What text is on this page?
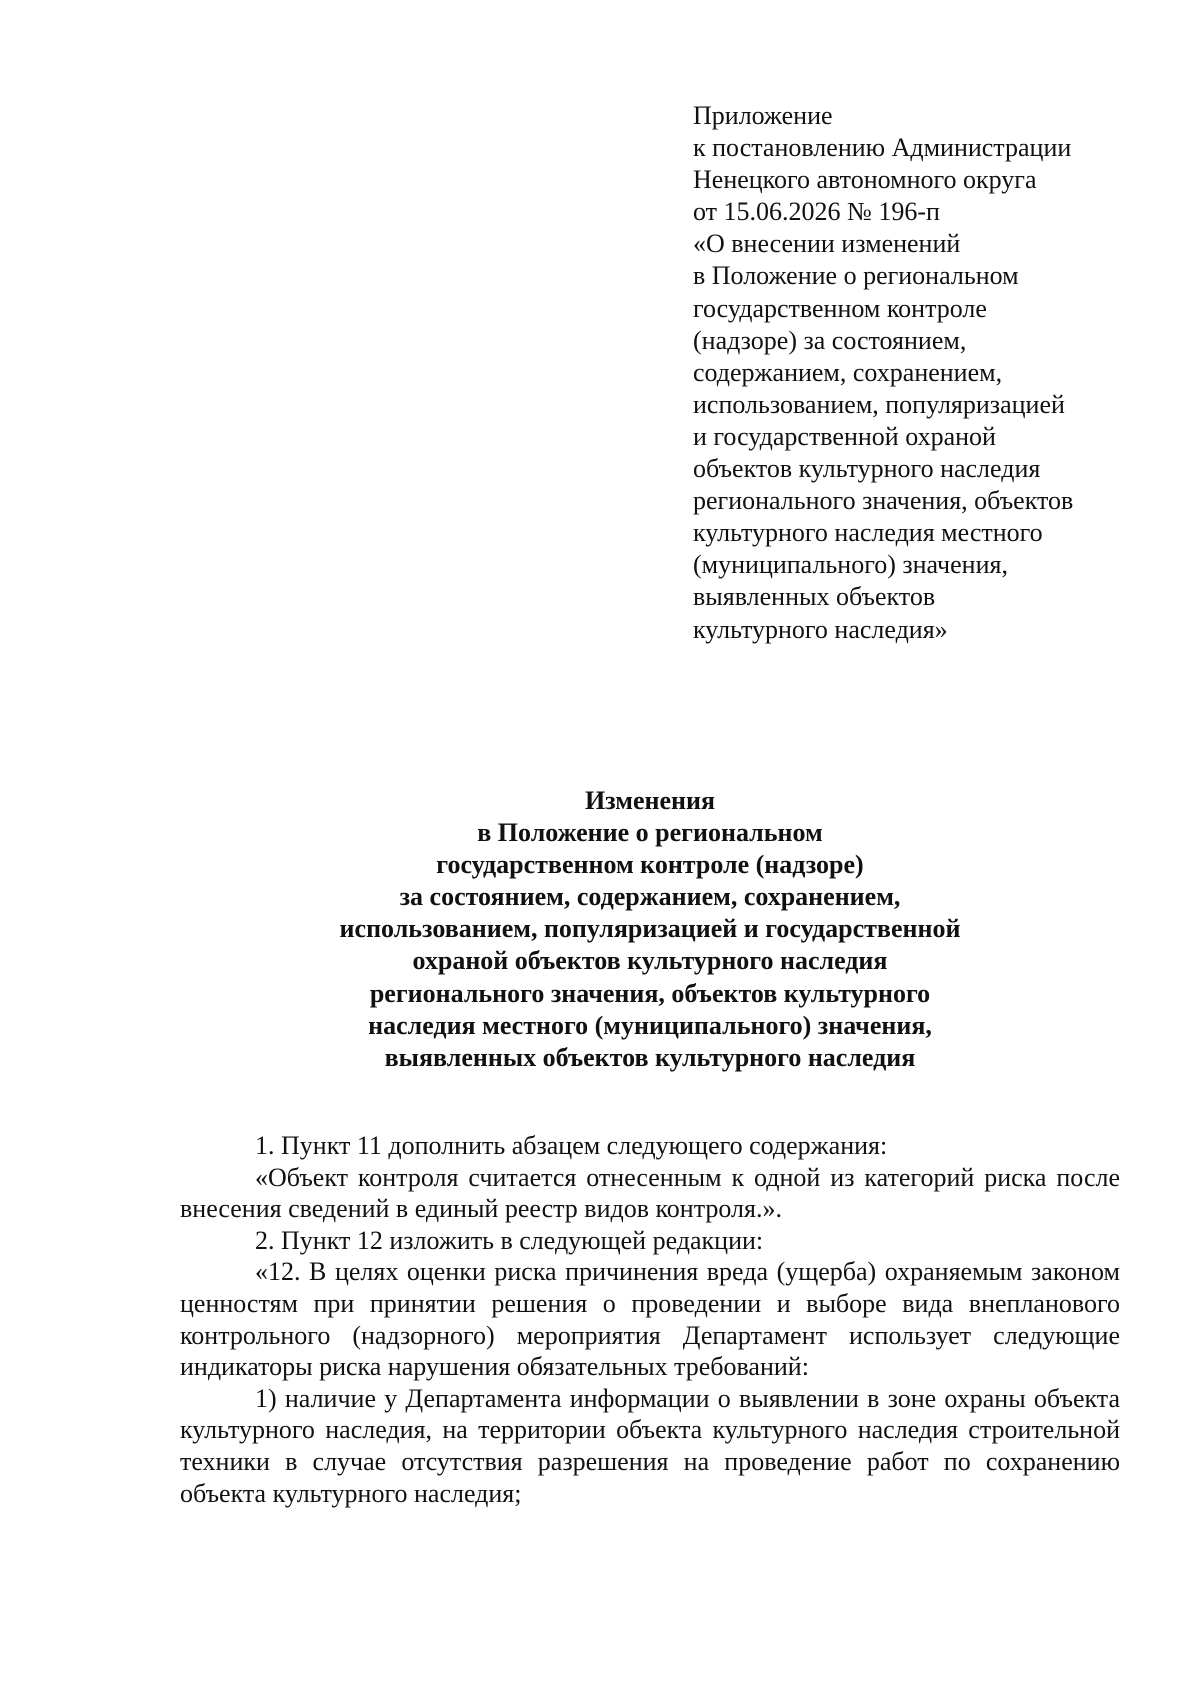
Приложение
к постановлению Администрации
Ненецкого автономного округа
от 15.06.2026 № 196-п
«О внесении изменений
в Положение о региональном
государственном контроле
(надзоре) за состоянием,
содержанием, сохранением,
использованием, популяризацией
и государственной охраной
объектов культурного наследия
регионального значения, объектов
культурного наследия местного
(муниципального) значения,
выявленных объектов
культурного наследия»
Изменения
в Положение о региональном
государственном контроле (надзоре)
за состоянием, содержанием, сохранением,
использованием, популяризацией и государственной
охраной объектов культурного наследия
регионального значения, объектов культурного
наследия местного (муниципального) значения,
выявленных объектов культурного наследия

1. Пункт 11 дополнить абзацем следующего содержания:

«Объект контроля считается отнесенным к одной из категорий риска после внесения сведений в единый реестр видов контроля.».

2. Пункт 12 изложить в следующей редакции:

«12. В целях оценки риска причинения вреда (ущерба) охраняемым законом ценностям при принятии решения о проведении и выборе вида внепланового контрольного (надзорного) мероприятия Департамент использует следующие индикаторы риска нарушения обязательных требований:

1) наличие у Департамента информации о выявлении в зоне охраны объекта культурного наследия, на территории объекта культурного наследия строительной техники в случае отсутствия разрешения на проведение работ по сохранению объекта культурного наследия;
